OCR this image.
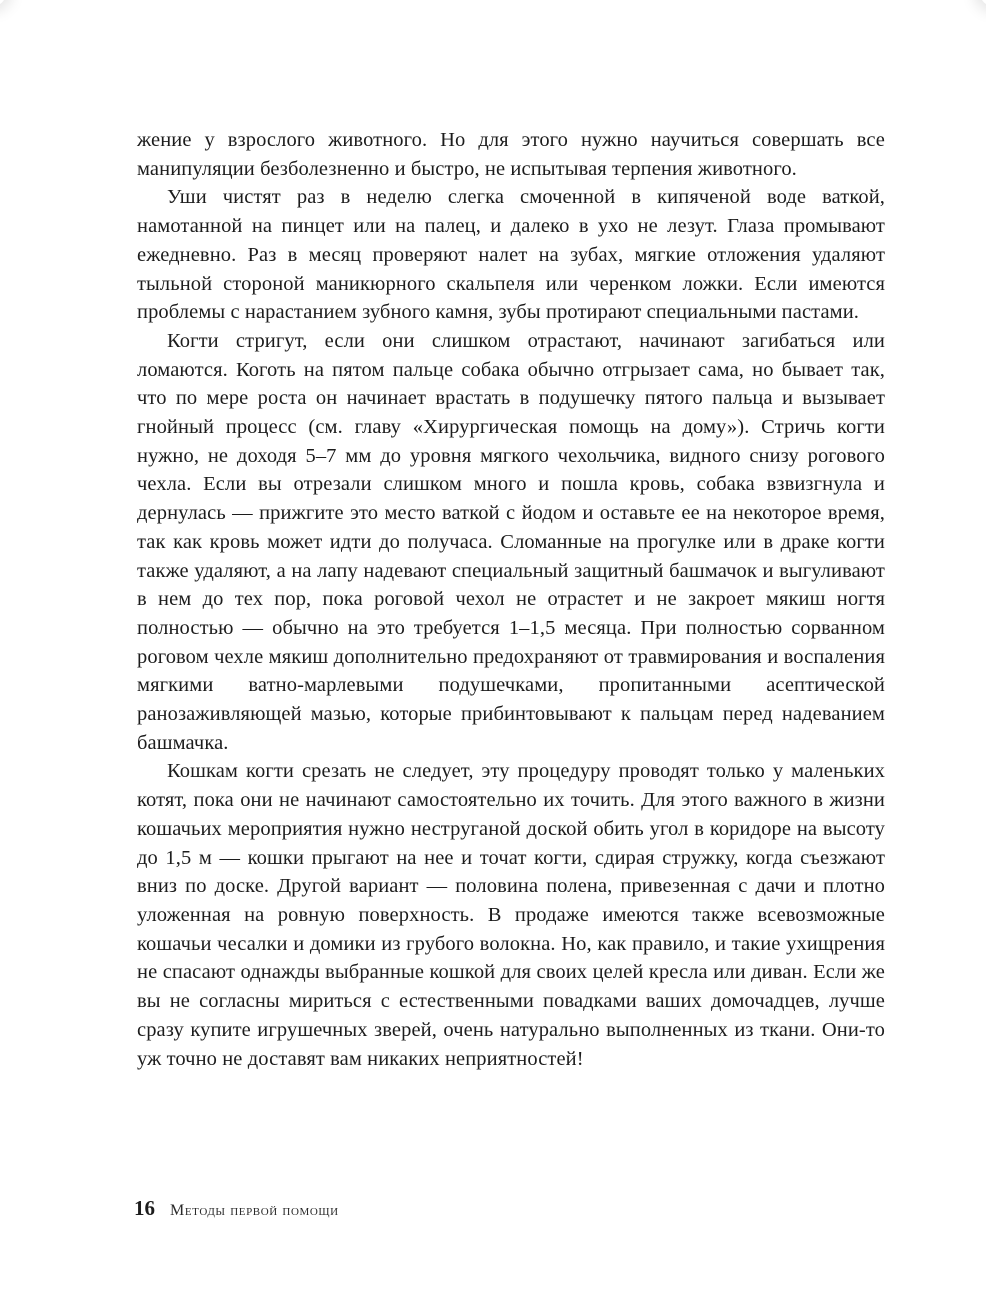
жение у взрослого животного. Но для этого нужно научиться совершать все манипуляции безболезненно и быстро, не испытывая терпения животного.

Уши чистят раз в неделю слегка смоченной в кипяченой воде ваткой, намотанной на пинцет или на палец, и далеко в ухо не лезут. Глаза промывают ежедневно. Раз в месяц проверяют налет на зубах, мягкие отложения удаляют тыльной стороной маникюрного скальпеля или черенком ложки. Если имеются проблемы с нарастанием зубного камня, зубы протирают специальными пастами.

Когти стригут, если они слишком отрастают, начинают загибаться или ломаются. Коготь на пятом пальце собака обычно отгрызает сама, но бывает так, что по мере роста он начинает врастать в подушечку пятого пальца и вызывает гнойный процесс (см. главу «Хирургическая помощь на дому»). Стричь когти нужно, не доходя 5–7 мм до уровня мягкого чехольчика, видного снизу рогового чехла. Если вы отрезали слишком много и пошла кровь, собака взвизгнула и дернулась — прижгите это место ваткой с йодом и оставьте ее на некоторое время, так как кровь может идти до получаса. Сломанные на прогулке или в драке когти также удаляют, а на лапу надевают специальный защитный башмачок и выгуливают в нем до тех пор, пока роговой чехол не отрастет и не закроет мякиш ногтя полностью — обычно на это требуется 1–1,5 месяца. При полностью сорванном роговом чехле мякиш дополнительно предохраняют от травмирования и воспаления мягкими ватно-марлевыми подушечками, пропитанными асептической ранозаживляющей мазью, которые прибинтовывают к пальцам перед надеванием башмачка.

Кошкам когти срезать не следует, эту процедуру проводят только у маленьких котят, пока они не начинают самостоятельно их точить. Для этого важного в жизни кошачьих мероприятия нужно неструганой доской обить угол в коридоре на высоту до 1,5 м — кошки прыгают на нее и точат когти, сдирая стружку, когда съезжают вниз по доске. Другой вариант — половина полена, привезенная с дачи и плотно уложенная на ровную поверхность. В продаже имеются также всевозможные кошачьи чесалки и домики из грубого волокна. Но, как правило, и такие ухищрения не спасают однажды выбранные кошкой для своих целей кресла или диван. Если же вы не согласны мириться с естественными повадками ваших домочадцев, лучше сразу купите игрушечных зверей, очень натурально выполненных из ткани. Они-то уж точно не доставят вам никаких неприятностей!

16 Методы первой помощи
